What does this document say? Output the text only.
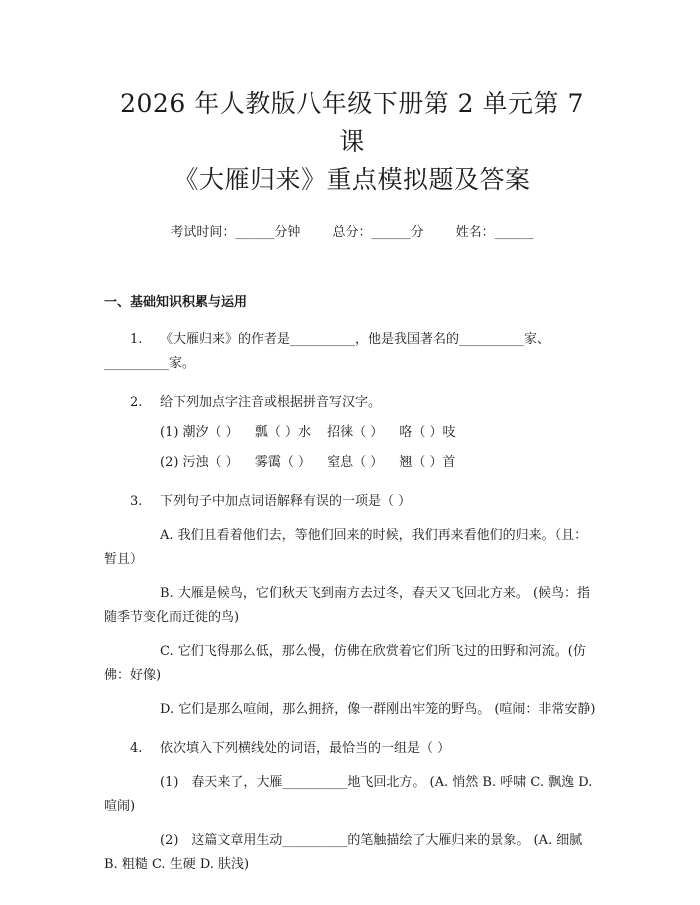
2026 年人教版八年级下册第 2 单元第 7 课
《大雁归来》重点模拟题及答案
考试时间：______分钟 总分：______分 姓名：______
一、基础知识积累与运用
1. 《大雁归来》的作者是__________，他是我国著名的__________家、__________家。
2. 给下列加点字注音或根据拼音写汉字。
(1) 潮汐（ ） 瓢（ ）水 招徕（ ） 咯（ ）吱
(2) 污浊（ ） 雾霭（ ） 窒息（ ） 翘（ ）首
3. 下列句子中加点词语解释有误的一项是（ ）
A. 我们且看着他们去，等他们回来的时候，我们再来看他们的归来。（且：暂且）
B. 大雁是候鸟，它们秋天飞到南方去过冬，春天又飞回北方来。 (候鸟：指随季节变化而迁徙的鸟)
C. 它们飞得那么低，那么慢，仿佛在欣赏着它们所飞过的田野和河流。(仿佛：好像)
D. 它们是那么喧闹，那么拥挤，像一群刚出牢笼的野鸟。 (喧闹：非常安静)
4. 依次填入下列横线处的词语，最恰当的一组是（ ）
(1)　春天来了，大雁__________地飞回北方。 (A. 悄然 B. 呼啸 C. 飘逸 D. 喧闹)
(2)　这篇文章用生动__________的笔触描绘了大雁归来的景象。 (A. 细腻 B. 粗糙 C. 生硬 D. 肤浅)
